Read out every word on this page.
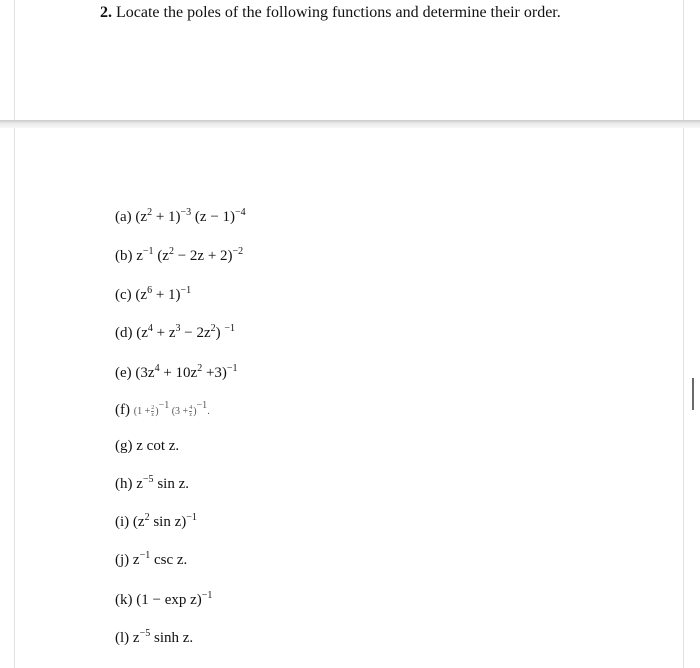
2. Locate the poles of the following functions and determine their order.

(a) $(z^2 + 1)^{-3}$ $(z - 1)^{-4}$

(b) $z^{-1}$ $(z^2 - 2z + 2)^{-2}$

(c) $(z^6 + 1)^{-1}$

(d) $(z^4 + z^3 - 2z^2)$ $^{-1}$

(e) $(3z^4 + 10z^2 +3)^{-1}$

(f) $(1 + \frac{2}{z} )^{-1}$ $(3 + \frac{4}{z} )^{-1}$.

(g) z cot z.

(h) $z^{-5}$ sin z.

(i) ($z^2$ sin z)$^{-1}$

(j) $z^{-1}$ csc z.

(k) $(1 - \exp z)^{-1}$

(l) $z^{-5}$ sinh z.
